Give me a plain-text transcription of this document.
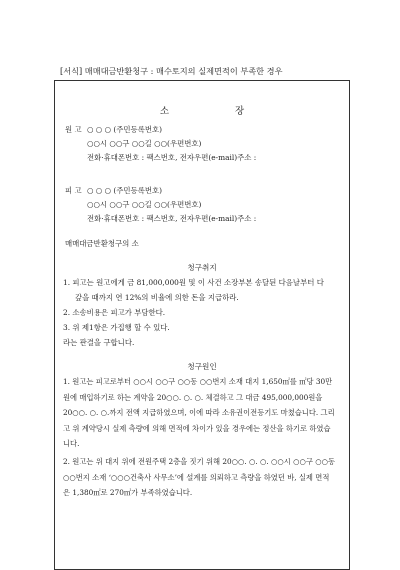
[서식] 매매대금반환청구 : 매수토지의 실제면적이 부족한 경우
소	장
원 고 ○ ○ ○ (주민등록번호)
○○시 ○○구 ○○길 ○○(우편번호)
전화·휴대폰번호 : 팩스번호, 전자우편(e-mail)주소 :
피 고 ○ ○ ○ (주민등록번호)
○○시 ○○구 ○○길 ○○(우편번호)
전화·휴대폰번호 : 팩스번호, 전자우편(e-mail)주소 :
매매대금반환청구의 소
청구취지
1. 피고는 원고에게 금 81,000,000원 및 이 사건 소장부본 송달된 다음날부터 다
갚을 때까지 연 12%의 비율에 의한 돈을 지급하라.
2. 소송비용은 피고가 부담한다.
3. 위 제1항은 가집행 할 수 있다.
라는 판결을 구합니다.
청구원인
1. 원고는 피고로부터 ○○시 ○○구 ○○동 ○○번지 소재 대지 1,650㎡를 ㎡당 30만원에 매입하기로 하는 계약을 20○○. ○. ○. 체결하고 그 대금 495,000,000원을 20○○. ○. ○.까지 전액 지급하였으며, 이에 따라 소유권이전등기도 마쳤습니다. 그리고 위 계약당시 실제 측량에 의해 면적에 차이가 있을 경우에는 정산을 하기로 하였습니다.
2. 원고는 위 대지 위에 전원주택 2층을 짓기 위해 20○○. ○. ○. ○○시 ○○구 ○○동 ○○번지 소재 ‘○○○건축사 사무소’에 설계를 의뢰하고 측량을 하였던 바, 실제 면적은 1,380㎡로 270㎡가 부족하였습니다.
